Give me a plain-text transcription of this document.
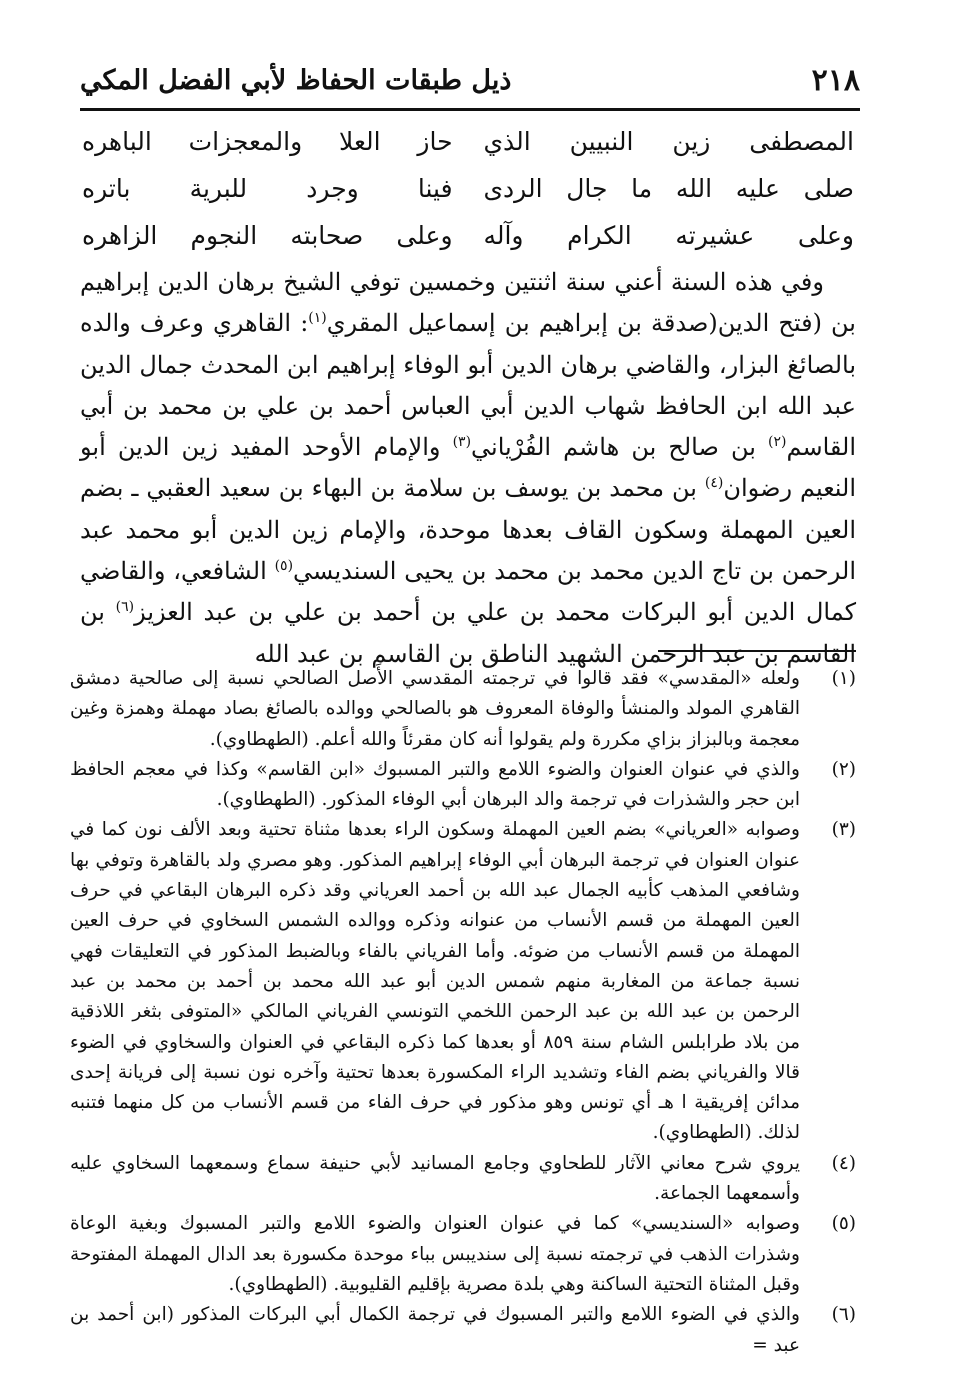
٢١٨
ذيل طبقات الحفاظ لأبي الفضل المكي
المصطفى زين النبيين الذي
حاز العلا والمعجزات الباهره
صلى عليه الله ما جال الردى
فينا وجرد للبرية باتره
وعلى عشيرته الكرام وآله
وعلى صحابته النجوم الزاهره

وفي هذه السنة أعني سنة اثنتين وخمسين توفي الشيخ برهان الدين إبراهيم بن (فتح الدين(صدقة بن إبراهيم بن إسماعيل المقري$^{(١)}$: القاهري وعرف والده بالصائغ البزار، والقاضي برهان الدين أبو الوفاء إبراهيم ابن المحدث جمال الدين عبد الله ابن الحافظ شهاب الدين أبي العباس أحمد بن علي بن محمد بن أبي القاسم$^{(٢)}$ بن صالح بن هاشم الفُرْياني$^{(٣)}$ والإمام الأوحد المفيد زين الدين أبو النعيم رضوان$^{(٤)}$ بن محمد بن يوسف بن سلامة بن البهاء بن سعيد العقبي ـ بضم العين المهملة وسكون القاف بعدها موحدة، والإمام زين الدين أبو محمد عبد الرحمن بن تاج الدين محمد بن محمد بن يحيى السنديسي$^{(٥)}$ الشافعي، والقاضي كمال الدين أبو البركات محمد بن علي بن أحمد بن علي بن عبد العزيز$^{(٦)}$ بن القاسم بن عبد الرحمن الشهيد الناطق بن القاسم بن عبد الله

(١)
ولعله «المقدسي» فقد قالوا في ترجمته المقدسي الأَصل الصالحي نسبة إلى صالحية دمشق القاهري المولد والمنشأ والوفاة المعروف هو بالصالحي ووالده بالصائغ بصاد مهملة وهمزة وغين معجمة وبالبزاز بزاي مكررة ولم يقولوا أنه كان مقرئاً والله أعلم. (الطهطاوي).
(٢)
والذي في عنوان العنوان والضوء اللامع والتبر المسبوك «ابن القاسم» وكذا في معجم الحافظ ابن حجر والشذرات في ترجمة والد البرهان أبي الوفاء المذكور. (الطهطاوي).
(٣)
وصوابه «العرياني» بضم العين المهملة وسكون الراء بعدها مثناة تحتية وبعد الألف نون كما في عنوان العنوان في ترجمة البرهان أبي الوفاء إبراهيم المذكور. وهو مصري ولد بالقاهرة وتوفي بها وشافعي المذهب كأبيه الجمال عبد الله بن أحمد العرياني وقد ذكره البرهان البقاعي في حرف العين المهملة من قسم الأنساب من عنوانه وذكره ووالده الشمس السخاوي في حرف العين المهملة من قسم الأنساب من ضوئه. وأما الفرياني بالفاء وبالضبط المذكور في التعليقات فهي نسبة جماعة من المغاربة منهم شمس الدين أبو عبد الله محمد بن أحمد بن محمد بن عبد الرحمن بن عبد الله بن عبد الرحمن اللخمي التونسي الفرياني المالكي «المتوفى بثغر اللاذقية من بلاد طرابلس الشام سنة ٨٥٩ أو بعدها كما ذكره البقاعي في العنوان والسخاوي في الضوء قالا والفرياني بضم الفاء وتشديد الراء المكسورة بعدها تحتية وآخره نون نسبة إلى فريانة إحدى مدائن إفريقية ا هـ أي تونس وهو مذكور في حرف الفاء من قسم الأنساب من كل منهما فتنبه لذلك. (الطهطاوي).
(٤)
يروي شرح معاني الآثار للطحاوي وجامع المسانيد لأبي حنيفة سماع وسمعهما السخاوي عليه وأسمعهما الجماعة.
(٥)
وصوابه «السنديسي» كما في عنوان العنوان والضوء اللامع والتبر المسبوك وبغية الوعاة وشذرات الذهب في ترجمته نسبة إلى سنديبس بباء موحدة مكسورة بعد الدال المهملة المفتوحة وقبل المثناة التحتية الساكنة وهي بلدة مصرية بإقليم القليوبية. (الطهطاوي).
(٦)
والذي في الضوء اللامع والتبر المسبوك في ترجمة الكمال أبي البركات المذكور (ابن أحمد بن عبد =
